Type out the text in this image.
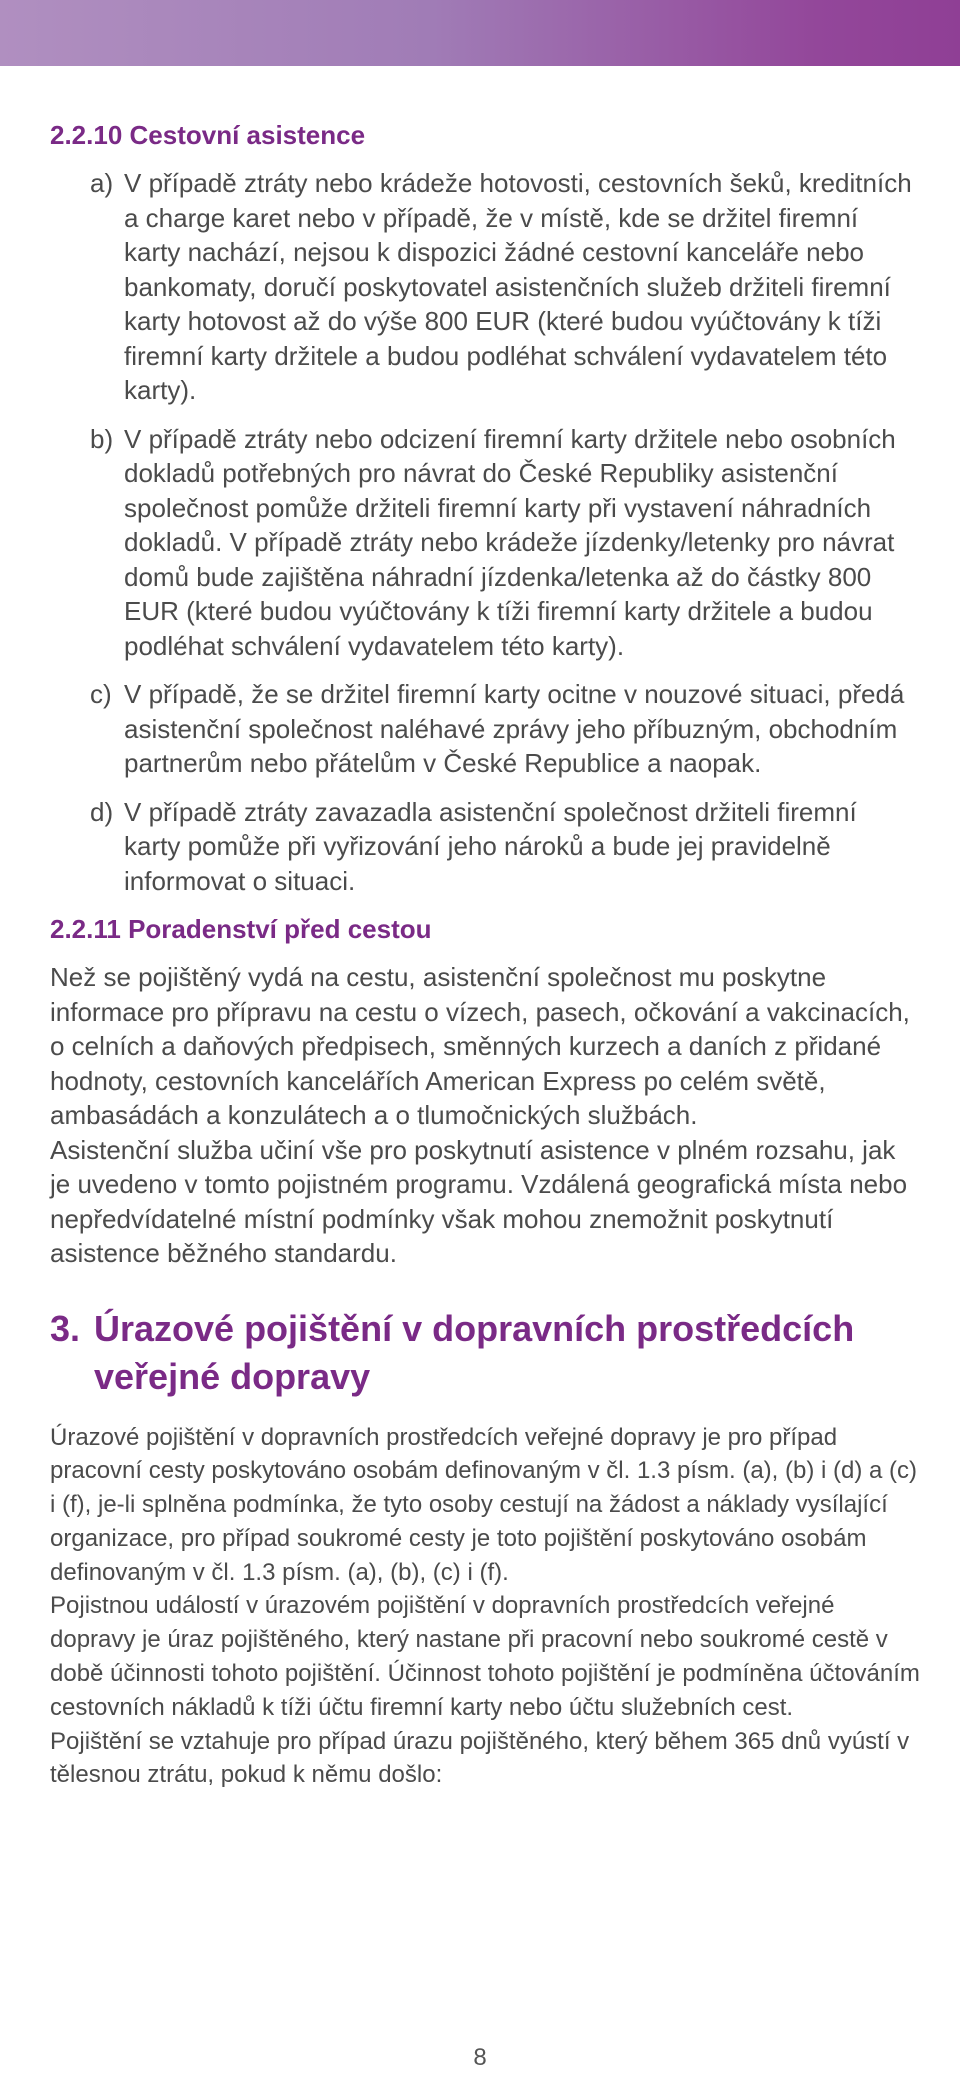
2.2.10 Cestovní asistence

a) V případě ztráty nebo krádeže hotovosti, cestovních šeků, kreditních a charge karet nebo v případě, že v místě, kde se držitel firemní karty nachází, nejsou k dispozici žádné cestovní kanceláře nebo bankomaty, doručí poskytovatel asistenčních služeb držiteli firemní karty hotovost až do výše 800 EUR (které budou vyúčtovány k tíži firemní karty držitele a budou podléhat schválení vydavatelem této karty).

b) V případě ztráty nebo odcizení firemní karty držitele nebo osobních dokladů potřebných pro návrat do České Republiky asistenční společnost pomůže držiteli firemní karty při vystavení náhradních dokladů. V případě ztráty nebo krádeže jízdenky/letenky pro návrat domů bude zajištěna náhradní jízdenka/letenka až do částky 800 EUR (které budou vyúčtovány k tíži firemní karty držitele a budou podléhat schválení vydavatelem této karty).

c) V případě, že se držitel firemní karty ocitne v nouzové situaci, předá asistenční společnost naléhavé zprávy jeho příbuzným, obchodním partnerům nebo přátelům v České Republice a naopak.

d) V případě ztráty zavazadla asistenční společnost držiteli firemní karty pomůže při vyřizování jeho nároků a bude jej pravidelně informovat o situaci.

2.2.11 Poradenství před cestou

Než se pojištěný vydá na cestu, asistenční společnost mu poskytne informace pro přípravu na cestu o vízech, pasech, očkování a vakcinacích, o celních a daňových předpisech, směnných kurzech a daních z přidané hodnoty, cestovních kancelářích American Express po celém světě, ambasádách a konzulátech a o tlumočnických službách.

Asistenční služba učiní vše pro poskytnutí asistence v plném rozsahu, jak je uvedeno v tomto pojistném programu. Vzdálená geografická místa nebo nepředvídatelné místní podmínky však mohou znemožnit poskytnutí asistence běžného standardu.

3. Úrazové pojištění v dopravních prostředcích veřejné dopravy

Úrazové pojištění v dopravních prostředcích veřejné dopravy je pro případ pracovní cesty poskytováno osobám definovaným v čl. 1.3 písm. (a), (b) i (d) a (c) i (f), je-li splněna podmínka, že tyto osoby cestují na žádost a náklady vysílající organizace, pro případ soukromé cesty je toto pojištění poskytováno osobám definovaným v čl. 1.3 písm. (a), (b), (c) i (f).

Pojistnou událostí v úrazovém pojištění v dopravních prostředcích veřejné dopravy je úraz pojištěného, který nastane při pracovní nebo soukromé cestě v době účinnosti tohoto pojištění. Účinnost tohoto pojištění je podmíněna účtováním cestovních nákladů k tíži účtu firemní karty nebo účtu služebních cest.

Pojištění se vztahuje pro případ úrazu pojištěného, který během 365 dnů vyústí v tělesnou ztrátu, pokud k němu došlo:

8
